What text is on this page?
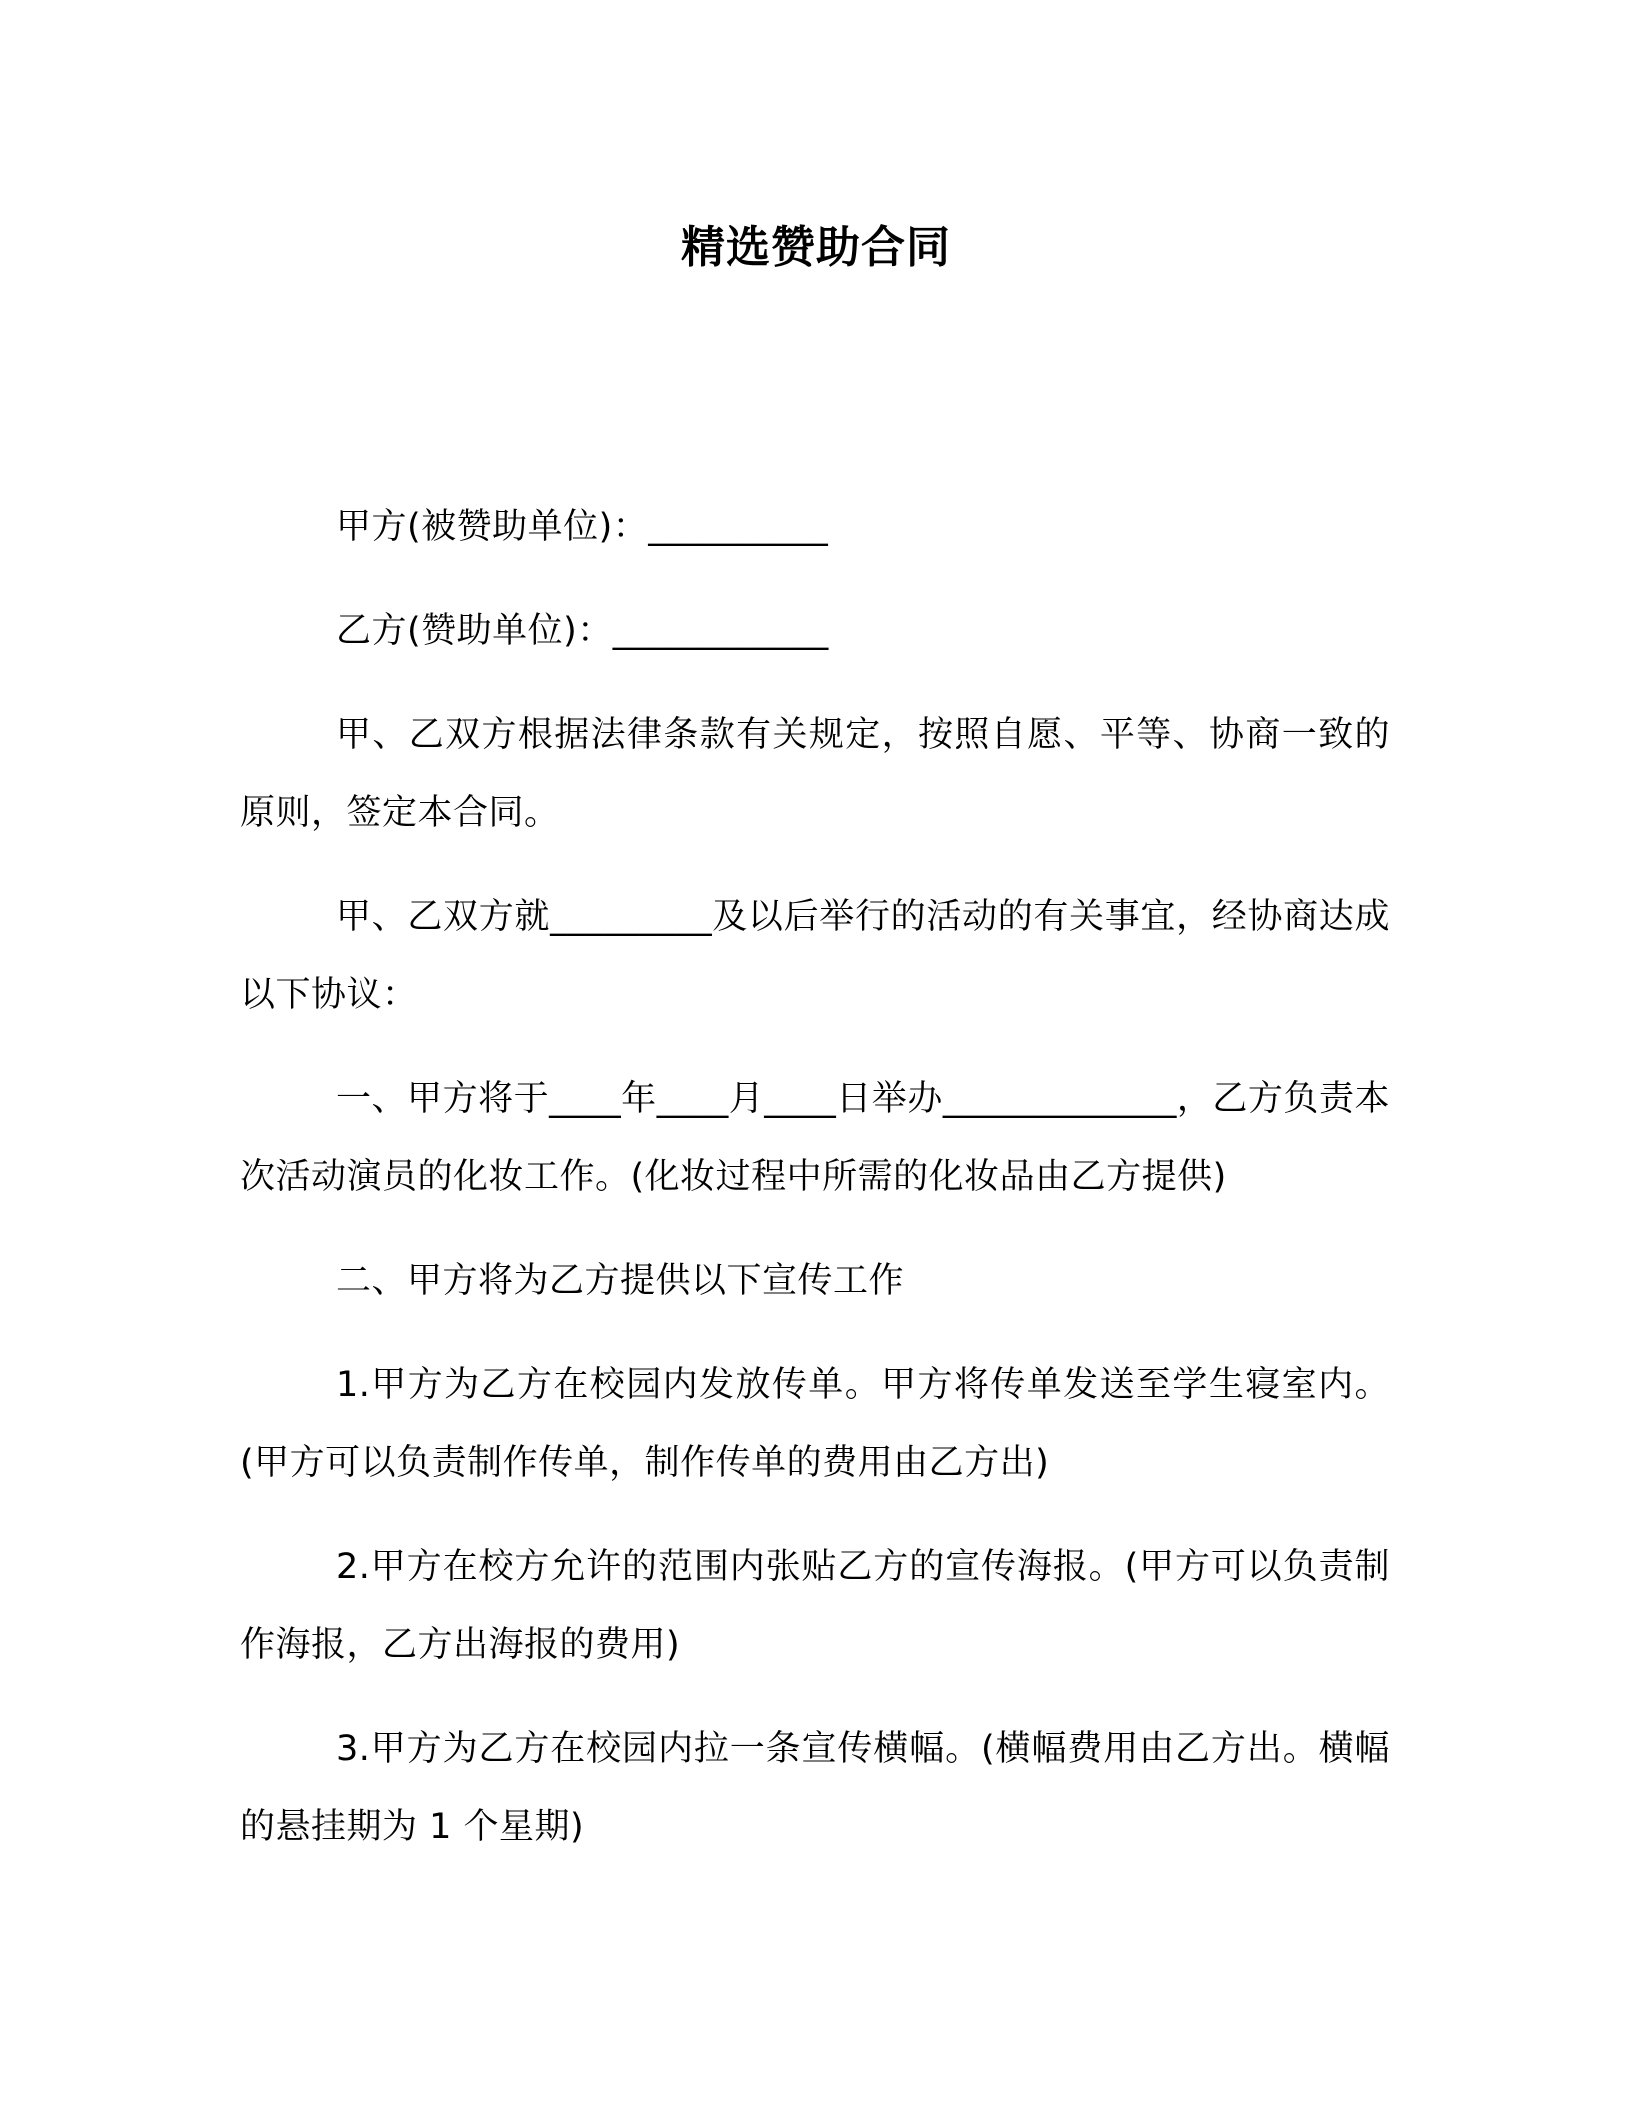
精选赞助合同

甲方(被赞助单位)：__________

乙方(赞助单位)：____________

甲、乙双方根据法律条款有关规定，按照自愿、平等、协商一致的原则，签定本合同。

甲、乙双方就_________及以后举行的活动的有关事宜，经协商达成以下协议：

一、甲方将于____年____月____日举办_____________，乙方负责本次活动演员的化妆工作。(化妆过程中所需的化妆品由乙方提供)

二、甲方将为乙方提供以下宣传工作

1.甲方为乙方在校园内发放传单。甲方将传单发送至学生寝室内。(甲方可以负责制作传单，制作传单的费用由乙方出)

2.甲方在校方允许的范围内张贴乙方的宣传海报。(甲方可以负责制作海报，乙方出海报的费用)

3.甲方为乙方在校园内拉一条宣传横幅。(横幅费用由乙方出。横幅的悬挂期为 1 个星期)
